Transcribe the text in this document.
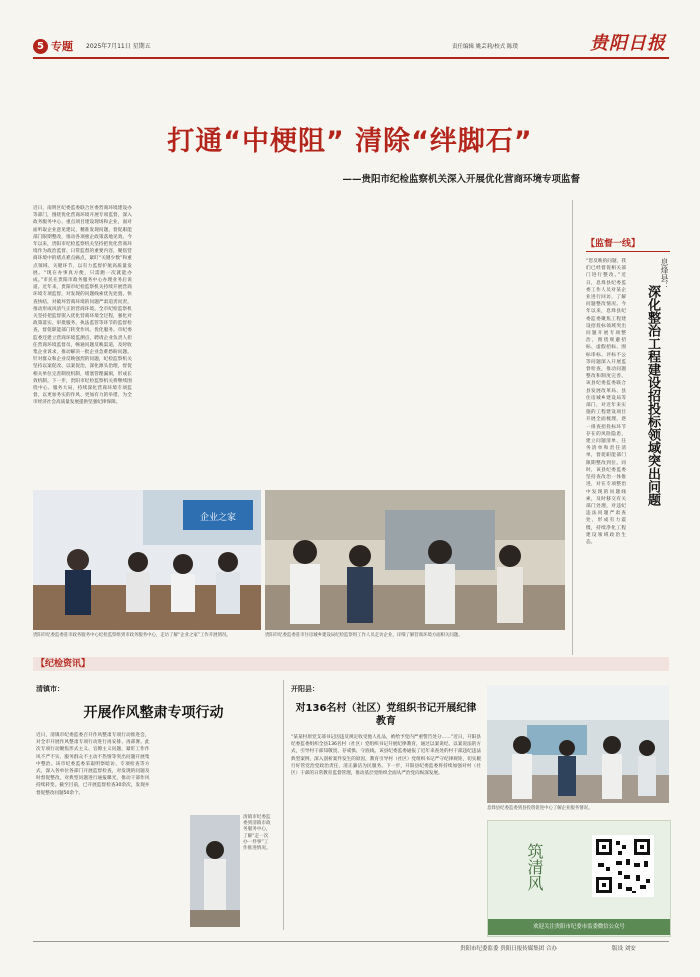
5 专题 2025年7月11日 星期五	责任编辑 姚芸莉/校式 陈璞	贵阳日报
打通“中梗阻” 清除“绊脚石”
——贵阳市纪检监察机关深入开展优化营商环境专项监督
近日，南明区纪委监委联合区委营商环境建设办等部门，围绕优化营商环境开展专项监督，深入政务服务中心、重点项目建设现场和企业，面对面听取企业意见建议，精准发现问题，督促职能部门限期整改，推动各项惠企政策落地见效。今年以来，贵阳市纪检监察机关坚持把优化营商环境作为政治监督、日常监督的重要内容，聚焦营商环境中的堵点难点痛点，紧盯“关键少数”和重点领域、关键环节，以有力监督护航高质量发展。“现在办事真方便，只需跑一次就能办成。”市民在贵阳市政务服务中心办理业务后说道。近年来，贵阳市纪检监察机关持续开展营商环境专项监督，对发现的问题线索优先处置、快查快结，对破坏营商环境的问题严肃追责问责，推动形成风清气正的营商环境。全市纪检监察机关坚持把监督嵌入优化营商环境全过程，强化对政策落实、审批服务、执法监管等环节的监督检查，督促职能部门转变作风、优化服务。市纪委监委还建立营商环境监测点，聘请企业负责人担任营商环境监督员，畅通问题反映渠道，及时收集企业诉求，推动解决一批企业急难愁盼问题。针对群众和企业反映强烈的问题，纪检监察机关坚持以案促改、以案促治，深化源头治理，督促相关单位完善制度机制，堵塞管理漏洞，形成长效机制。下一步，贵阳市纪检监察机关将继续围绕中心、服务大局，持续深化营商环境专项监督，以更加务实的作风、更加有力的举措，为全市经济社会高质量发展提供坚强纪律保障。
企业之家
贵阳市纪委监委驻市政务服务中心纪检监察组到市政务服务中心，走访了解“企业之家”工作开展情况。	贵阳市纪委监委驻市住房城乡建设局纪检监察组工作人员走访企业，详细了解营商环境方面相关问题。
【监督一线】
息烽县：
深化整治工程建设招投标领域突出问题
“您反映的问题，我们已经督促相关部门进行整改。”近日，息烽县纪委监委工作人员对某企业进行回访，了解问题整改情况。今年以来，息烽县纪委监委聚焦工程建设招投标领域突出问题开展专项整治，围绕规避招标、虚假招标、围标串标、评标不公等问题深入开展监督检查，推动问题整改和制度完善。该县纪委监委联合县发展改革局、县住房城乡建设局等部门，对近年来实施的工程建设项目开展全面梳理，逐一排查招投标环节存在的风险隐患，建立问题清单、任务清单和责任清单，督促职能部门限期整改到位。同时，该县纪委监委坚持查改治一体推进，对在专项整治中发现的问题线索，及时移交有关部门处理，对违纪违法问题严肃查处，形成有力震慑，持续净化工程建设领域政治生态。
【纪检资讯】
清镇市：
开展作风整肃专项行动
近日，清镇市纪委监委召开作风整肃专项行动推进会，对全市开展作风整肃专项行动进行再安排、再部署。此次专项行动聚焦形式主义、官僚主义问题，紧盯工作作风不严不实、服务群众不主动不热情等突出问题开展集中整治。该市纪委监委采取明察暗访、专项检查等方式，深入各单位各部门开展监督检查，对发现的问题及时督促整改，对典型问题进行通报曝光，推动干部作风持续转变。截至目前，已开展监督检查30余次，发现并督促整改问题50余个。
清镇市纪委监委到清镇市政务服务中心，了解“走一次办一件事”工作推进情况。
开阳县：
对136名村（社区）党组织书记开展纪律教育
“某某村原党支部书记因违反规定收受他人礼品，被给予党内严重警告处分……”近日，开阳县纪委监委组织全县136名村（社区）党组织书记开展纪律教育，通过以案说纪、以案说法的方式，引导村干部知敬畏、存戒惧、守底线。该县纪委监委通报了近年来查处的村干部违纪违法典型案例，深入剖析案件发生的原因，教育引导村（社区）党组织书记严守纪律规矩，切实履行好管党治党政治责任，清正廉洁为民服务。下一步，开阳县纪委监委将持续加强对村（社区）干部的日常教育监督管理，推动基层党组织全面从严治党向纵深发展。
息烽县纪委监委到县投资促进中心了解企业服务情况。
筑清风
欢迎关注贵阳市纪委市监委微信公众号
贵阳市纪委监委 贵阳日报传媒集团 合办	版设 刘安
